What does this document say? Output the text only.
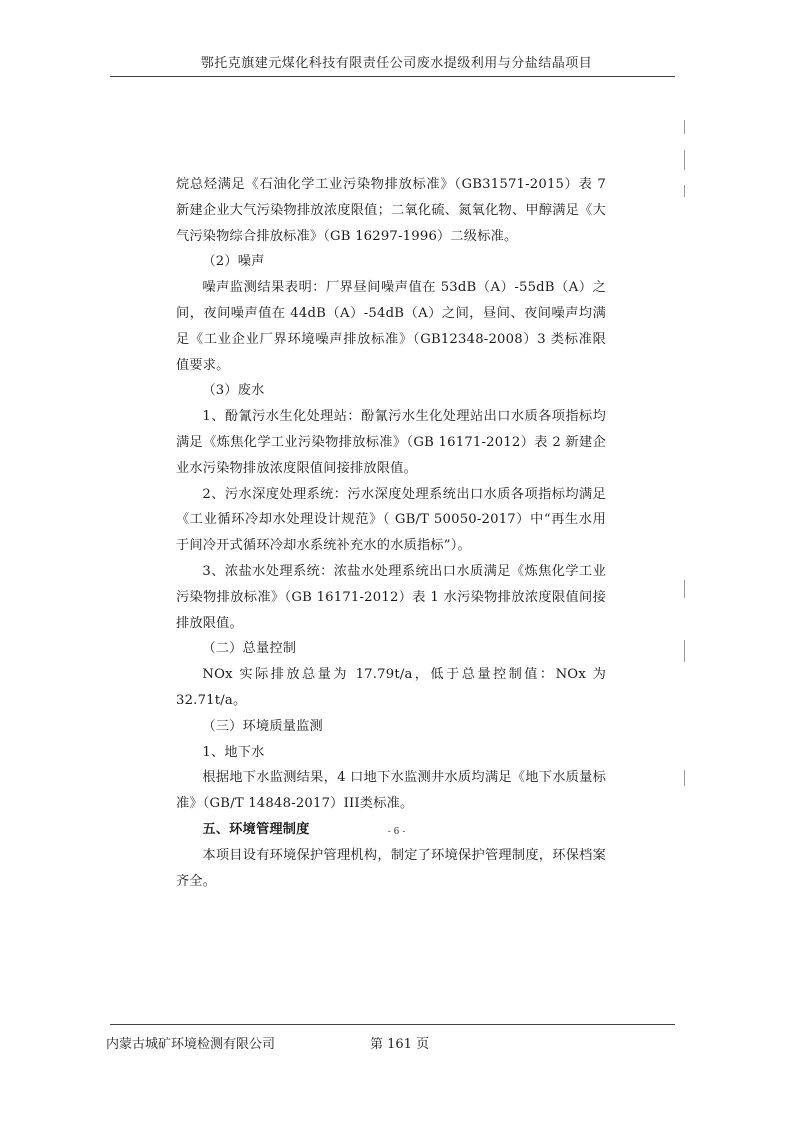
鄂托克旗建元煤化科技有限责任公司废水提级利用与分盐结晶项目

烷总烃满足《石油化学工业污染物排放标准》（GB31571-2015）表 7 新建企业大气污染物排放浓度限值；二氧化硫、氮氧化物、甲醇满足《大气污染物综合排放标准》（GB 16297-1996）二级标准。

（2）噪声

噪声监测结果表明：厂界昼间噪声值在 53dB（A）-55dB（A）之间，夜间噪声值在 44dB（A）-54dB（A）之间，昼间、夜间噪声均满足《工业企业厂界环境噪声排放标准》（GB12348-2008）3 类标准限值要求。

（3）废水

1、酚氰污水生化处理站：酚氰污水生化处理站出口水质各项指标均满足《炼焦化学工业污染物排放标准》（GB 16171-2012）表 2 新建企业水污染物排放浓度限值间接排放限值。

2、污水深度处理系统：污水深度处理系统出口水质各项指标均满足《工业循环冷却水处理设计规范》（ GB/T 50050-2017）中“再生水用于间冷开式循环冷却水系统补充水的水质指标”）。

3、浓盐水处理系统：浓盐水处理系统出口水质满足《炼焦化学工业污染物排放标准》（GB 16171-2012）表 1 水污染物排放浓度限值间接排放限值。

（二）总量控制

NOx 实际排放总量为 17.79t/a，低于总量控制值：NOx 为 32.71t/a。

（三）环境质量监测

1、地下水

根据地下水监测结果，4 口地下水监测井水质均满足《地下水质量标准》（GB/T 14848-2017）III类标准。

五、环境管理制度

本项目设有环境保护管理机构，制定了环境保护管理制度，环保档案齐全。

- 6 -
内蒙古城矿环境检测有限公司	第 161 页
